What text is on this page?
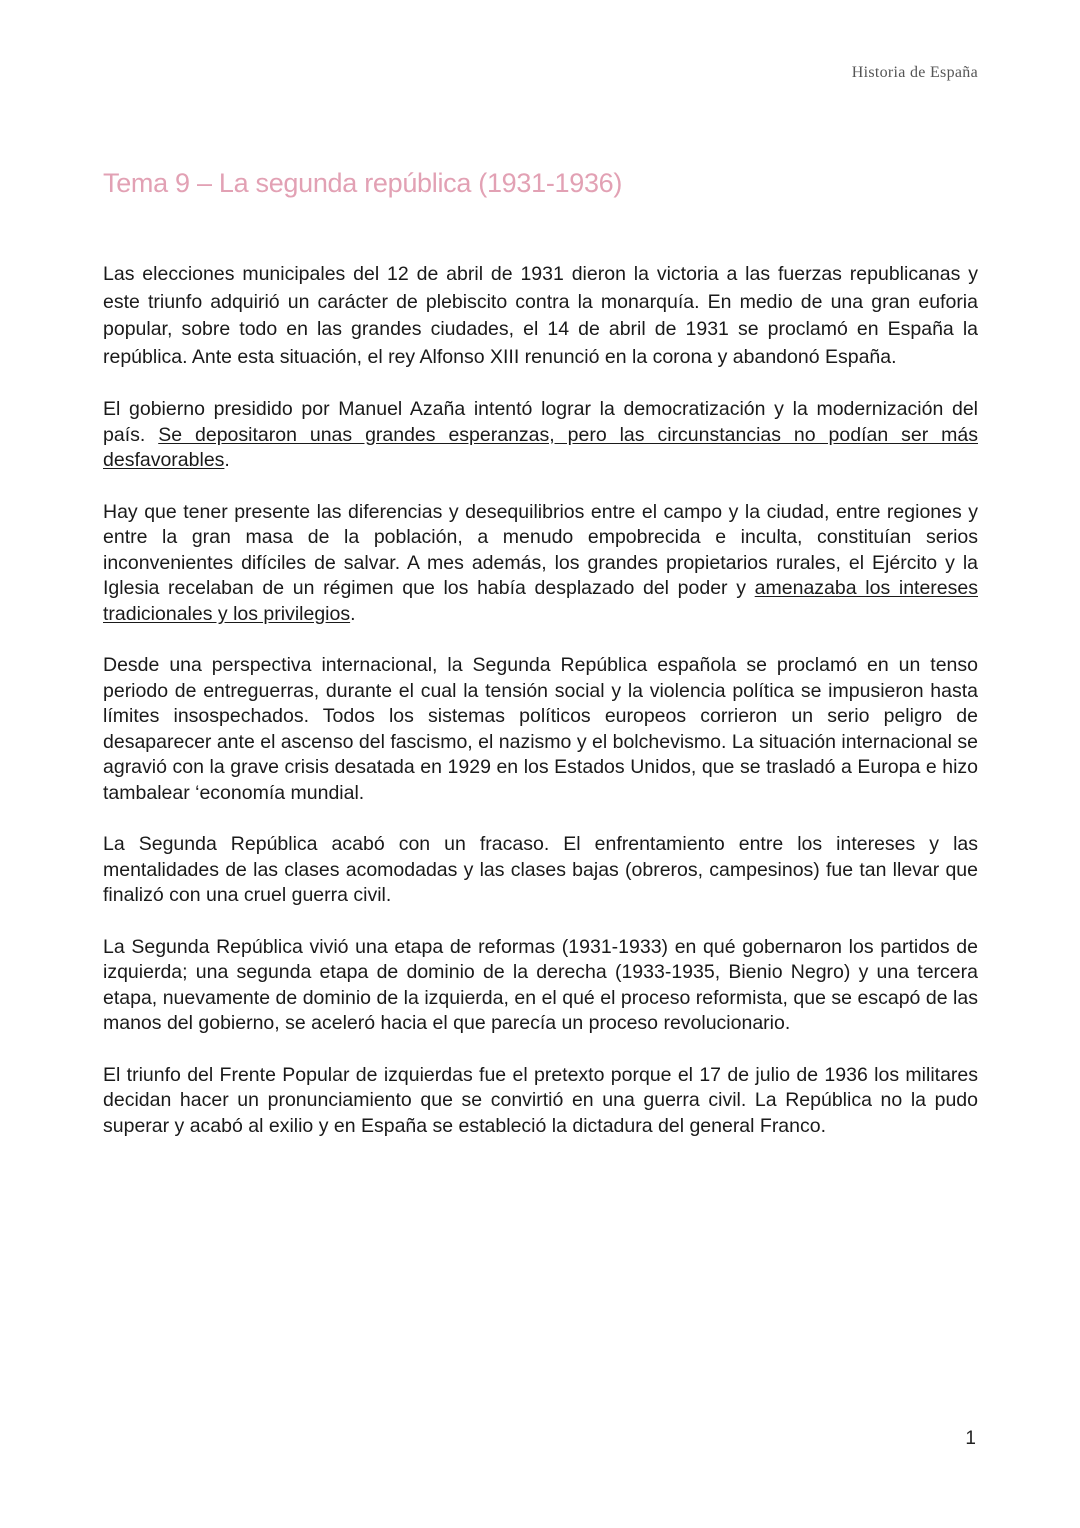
Historia de España
Tema 9 – La segunda república (1931-1936)

Las elecciones municipales del 12 de abril de 1931 dieron la victoria a las fuerzas republicanas y este triunfo adquirió un carácter de plebiscito contra la monarquía. En medio de una gran euforia popular, sobre todo en las grandes ciudades, el 14 de abril de 1931 se proclamó en España la república. Ante esta situación, el rey Alfonso XIII renunció en la corona y abandonó España.

El gobierno presidido por Manuel Azaña intentó lograr la democratización y la modernización del país. Se depositaron unas grandes esperanzas, pero las circunstancias no podían ser más desfavorables.

Hay que tener presente las diferencias y desequilibrios entre el campo y la ciudad, entre regiones y entre la gran masa de la población, a menudo empobrecida e inculta, constituían serios inconvenientes difíciles de salvar. A mes además, los grandes propietarios rurales, el Ejército y la Iglesia recelaban de un régimen que los había desplazado del poder y amenazaba los intereses tradicionales y los privilegios.

Desde una perspectiva internacional, la Segunda República española se proclamó en un tenso periodo de entreguerras, durante el cual la tensión social y la violencia política se impusieron hasta límites insospechados. Todos los sistemas políticos europeos corrieron un serio peligro de desaparecer ante el ascenso del fascismo, el nazismo y el bolchevismo. La situación internacional se agravió con la grave crisis desatada en 1929 en los Estados Unidos, que se trasladó a Europa e hizo tambalear ‘economía mundial.

La Segunda República acabó con un fracaso. El enfrentamiento entre los intereses y las mentalidades de las clases acomodadas y las clases bajas (obreros, campesinos) fue tan llevar que finalizó con una cruel guerra civil.

La Segunda República vivió una etapa de reformas (1931-1933) en qué gobernaron los partidos de izquierda; una segunda etapa de dominio de la derecha (1933-1935, Bienio Negro) y una tercera etapa, nuevamente de dominio de la izquierda, en el qué el proceso reformista, que se escapó de las manos del gobierno, se aceleró hacia el que parecía un proceso revolucionario.

El triunfo del Frente Popular de izquierdas fue el pretexto porque el 17 de julio de 1936 los militares decidan hacer un pronunciamiento que se convirtió en una guerra civil. La República no la pudo superar y acabó al exilio y en España se estableció la dictadura del general Franco.

1
